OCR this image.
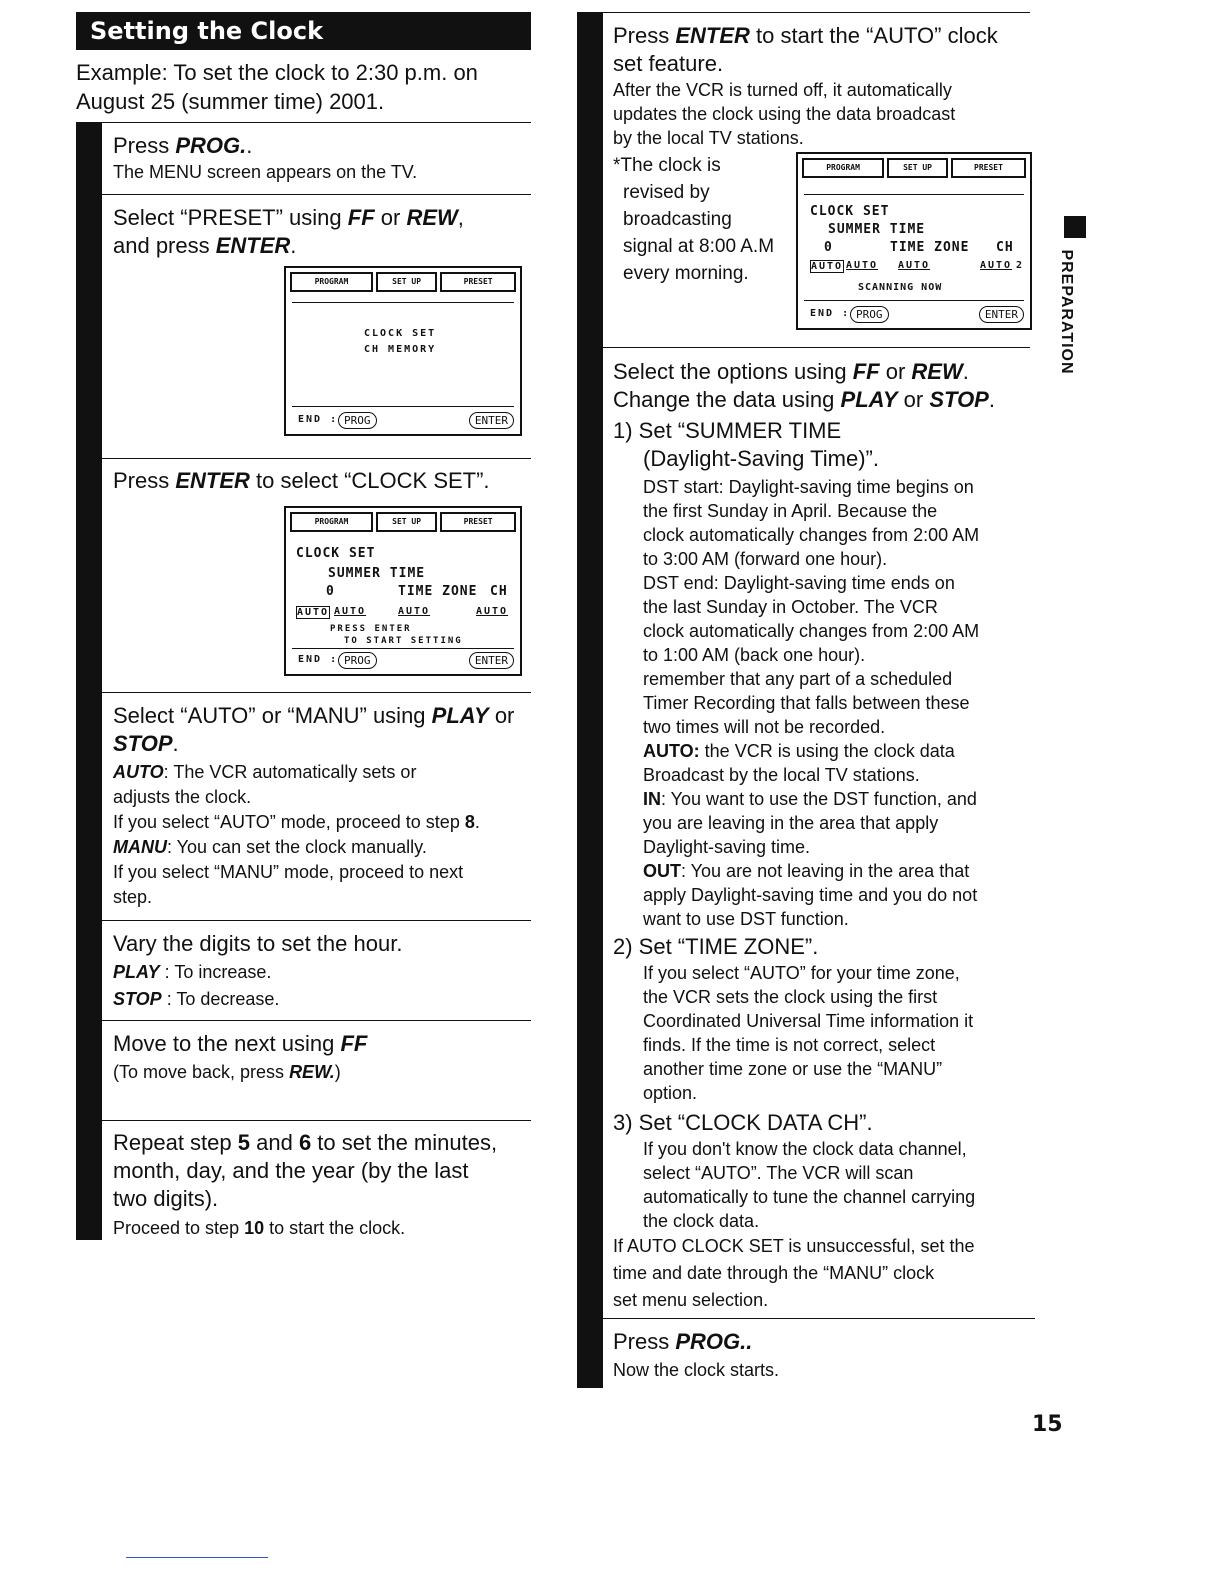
Setting the Clock
Example: To set the clock to 2:30 p.m. on
August 25 (summer time) 2001.
Press PROG..
The MENU screen appears on the TV.
Select “PRESET” using FF or REW,
and press ENTER.
PROGRAM	SET UP	PRESET
CLOCK SET
CH MEMORY
END : PROG	ENTER
Press ENTER to select “CLOCK SET”.
PROGRAM	SET UP	PRESET
CLOCK SET
SUMMER TIME
0	TIME ZONE CH
AUTO AUTO	AUTO	AUTO
PRESS ENTER
TO START SETTING
END : PROG	ENTER
Select “AUTO” or “MANU” using PLAY or
STOP.
AUTO: The VCR automatically sets or
adjusts the clock.
If you select “AUTO” mode, proceed to step 8.
MANU: You can set the clock manually.
If you select “MANU” mode, proceed to next
step.
Vary the digits to set the hour.
PLAY : To increase.
STOP : To decrease.
Move to the next using FF
(To move back, press REW.)
Repeat step 5 and 6 to set the minutes,
month, day, and the year (by the last
two digits).
Proceed to step 10 to start the clock.
Press ENTER to start the “AUTO” clock
set feature.
After the VCR is turned off, it automatically
updates the clock using the data broadcast
by the local TV stations.
*The clock is
revised by
broadcasting
signal at 8:00 A.M
every morning.
PROGRAM	SET UP	PRESET
CLOCK SET
SUMMER TIME
0	TIME ZONE CH
AUTO AUTO AUTO	AUTO 2
SCANNING NOW
END : PROG	ENTER
Select the options using FF or REW.
Change the data using PLAY or STOP.
1) Set “SUMMER TIME
(Daylight-Saving Time)”.
DST start: Daylight-saving time begins on
the first Sunday in April. Because the
clock automatically changes from 2:00 AM
to 3:00 AM (forward one hour).
DST end: Daylight-saving time ends on
the last Sunday in October. The VCR
clock automatically changes from 2:00 AM
to 1:00 AM (back one hour).
remember that any part of a scheduled
Timer Recording that falls between these
two times will not be recorded.
AUTO: the VCR is using the clock data
Broadcast by the local TV stations.
IN: You want to use the DST function, and
you are leaving in the area that apply
Daylight-saving time.
OUT: You are not leaving in the area that
apply Daylight-saving time and you do not
want to use DST function.
2) Set “TIME ZONE”.
If you select “AUTO” for your time zone,
the VCR sets the clock using the first
Coordinated Universal Time information it
finds. If the time is not correct, select
another time zone or use the “MANU”
option.
3) Set “CLOCK DATA CH”.
If you don't know the clock data channel,
select “AUTO”. The VCR will scan
automatically to tune the channel carrying
the clock data.
If AUTO CLOCK SET is unsuccessful, set the
time and date through the “MANU” clock
set menu selection.
Press PROG..
Now the clock starts.
PREPARATION
15
